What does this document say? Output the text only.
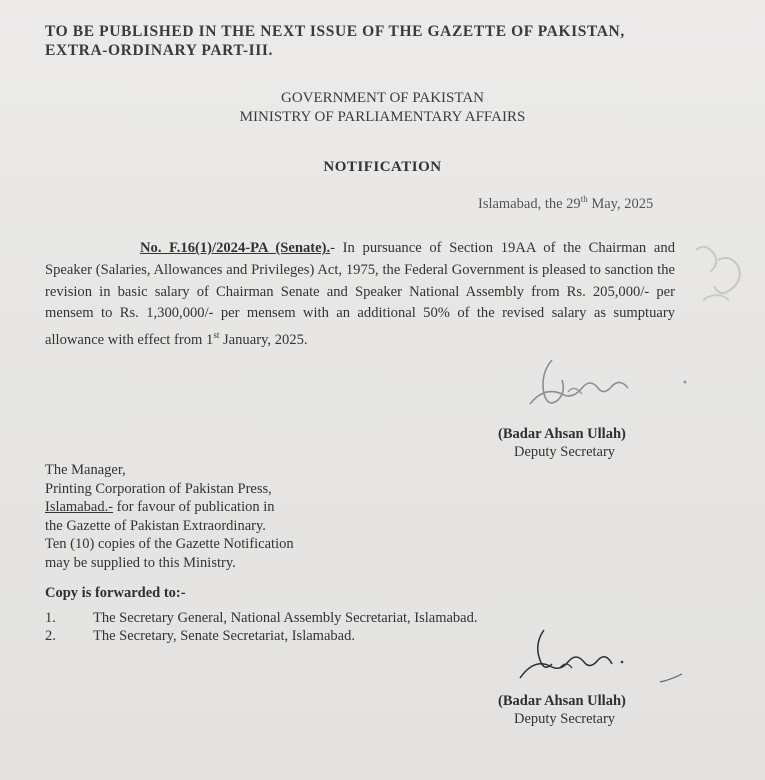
TO BE PUBLISHED IN THE NEXT ISSUE OF THE GAZETTE OF PAKISTAN,
EXTRA-ORDINARY PART-III.
GOVERNMENT OF PAKISTAN
MINISTRY OF PARLIAMENTARY AFFAIRS
NOTIFICATION
Islamabad, the 29th May, 2025
No. F.16(1)/2024-PA (Senate).- In pursuance of Section 19AA of the Chairman and Speaker (Salaries, Allowances and Privileges) Act, 1975, the Federal Government is pleased to sanction the revision in basic salary of Chairman Senate and Speaker National Assembly from Rs. 205,000/- per mensem to Rs. 1,300,000/- per mensem with an additional 50% of the revised salary as sumptuary allowance with effect from 1st January, 2025.
(Badar Ahsan Ullah)
Deputy Secretary
The Manager,
Printing Corporation of Pakistan Press,
Islamabad.- for favour of publication in
the Gazette of Pakistan Extraordinary.
Ten (10) copies of the Gazette Notification
may be supplied to this Ministry.
Copy is forwarded to:-
1.	The Secretary General, National Assembly Secretariat, Islamabad.
2.	The Secretary, Senate Secretariat, Islamabad.
(Badar Ahsan Ullah)
Deputy Secretary
